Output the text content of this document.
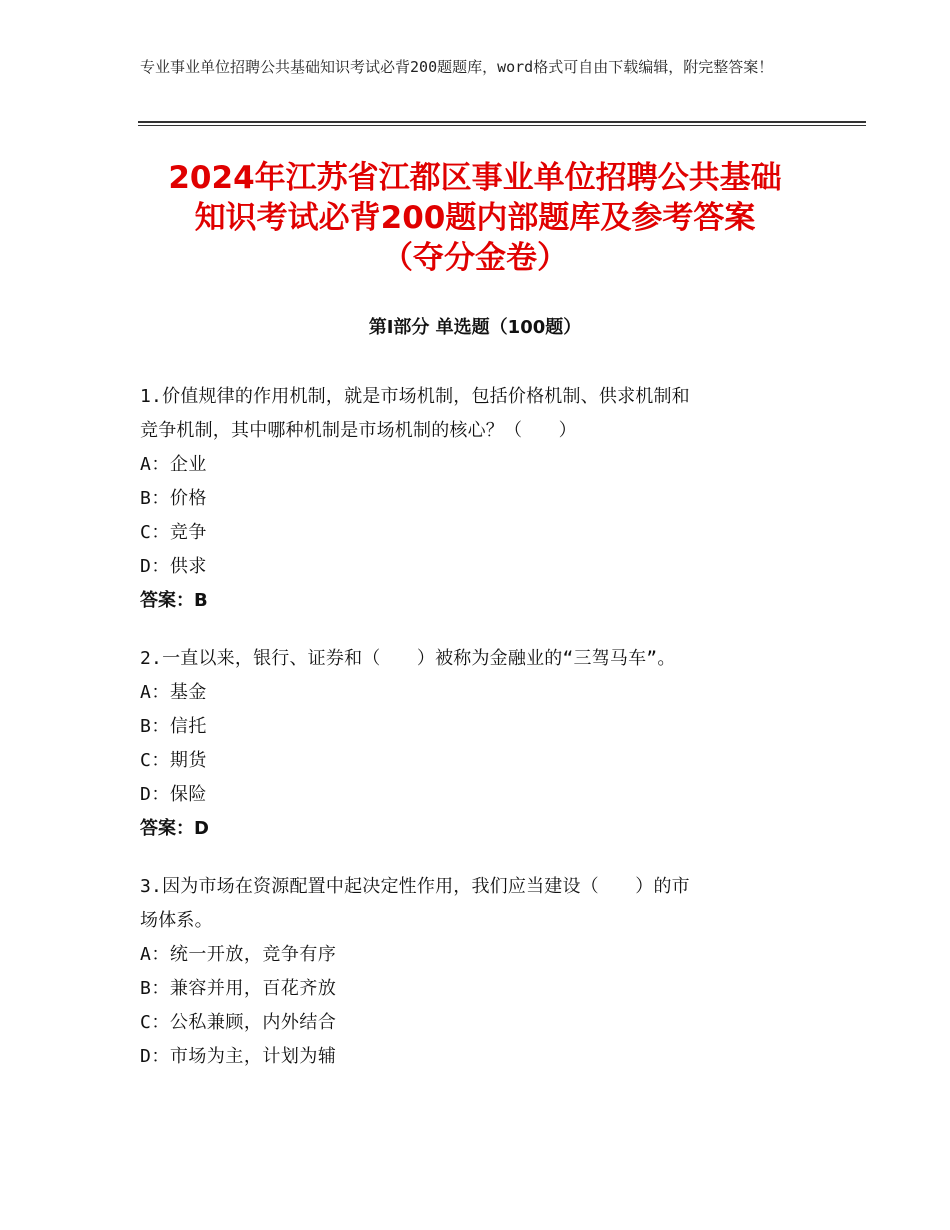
专业事业单位招聘公共基础知识考试必背200题题库，word格式可自由下载编辑，附完整答案！
2024年江苏省江都区事业单位招聘公共基础
知识考试必背200题内部题库及参考答案
（夺分金卷）
第Ⅰ部分 单选题（100题）
1.价值规律的作用机制，就是市场机制，包括价格机制、供求机制和
竞争机制，其中哪种机制是市场机制的核心？（　　）
A：企业
B：价格
C：竞争
D：供求
答案：B
2.一直以来，银行、证券和（　　）被称为金融业的“三驾马车”。
A：基金
B：信托
C：期货
D：保险
答案：D
3.因为市场在资源配置中起决定性作用，我们应当建设（　　）的市
场体系。
A：统一开放，竞争有序
B：兼容并用，百花齐放
C：公私兼顾，内外结合
D：市场为主，计划为辅
